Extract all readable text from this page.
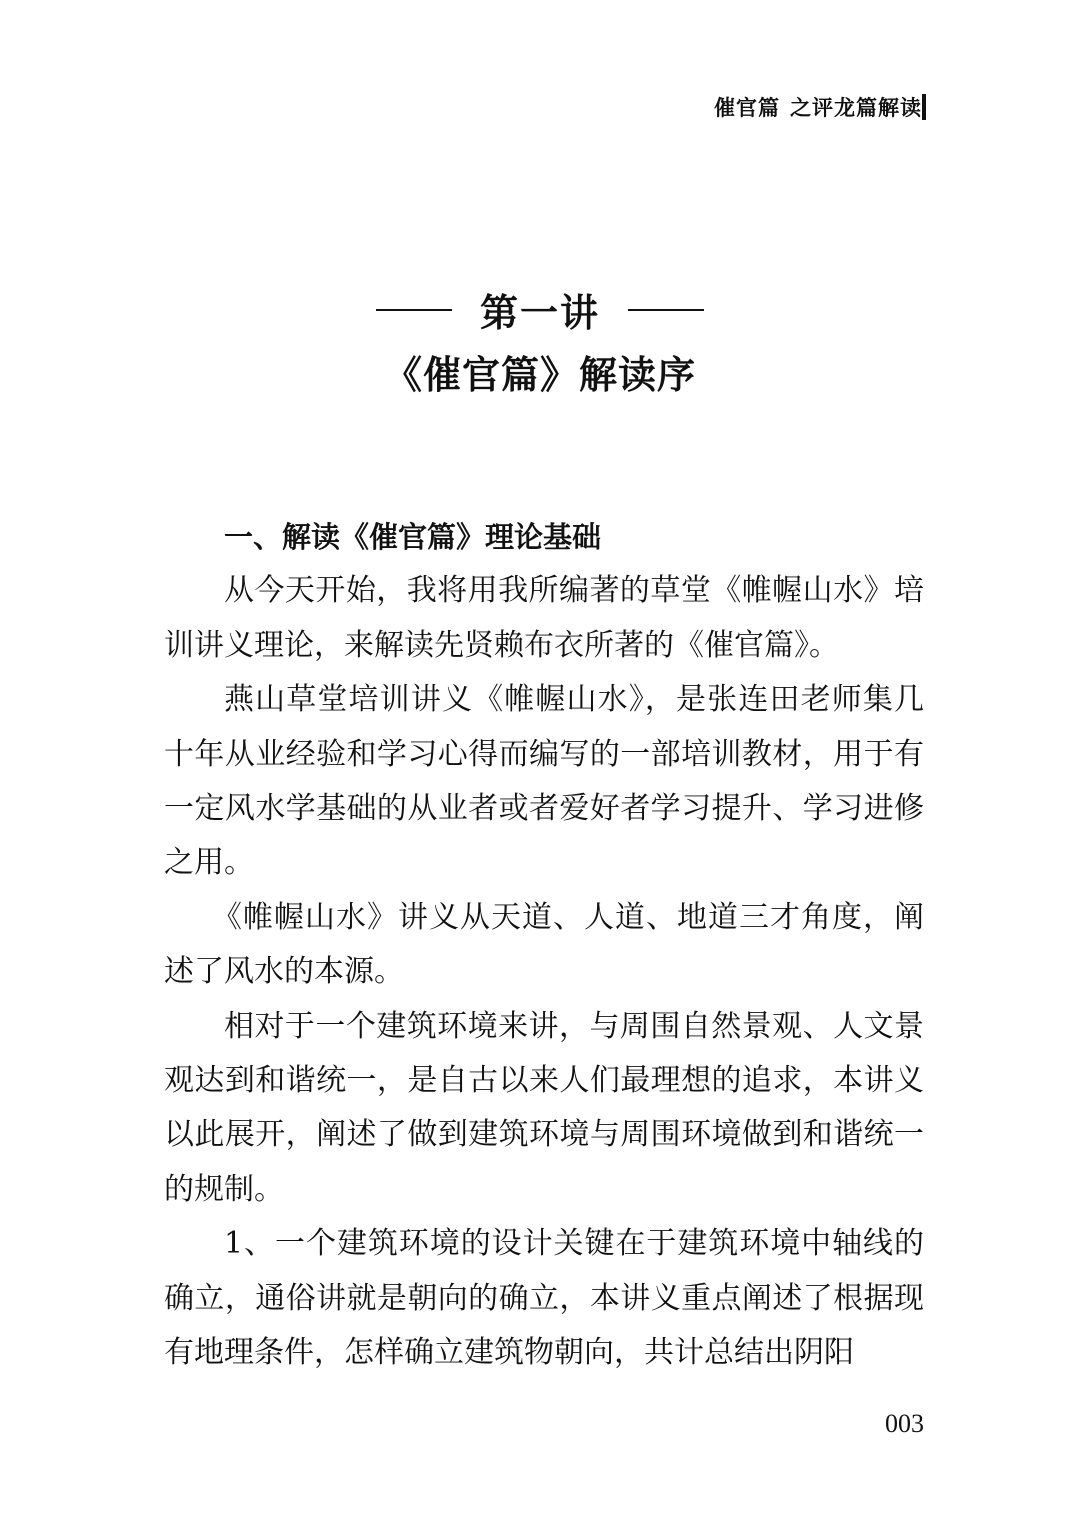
催官篇 之评龙篇解读
第一讲
《催官篇》解读序
一、解读《催官篇》理论基础

从今天开始，我将用我所编著的草堂《帷幄山水》培训讲义理论，来解读先贤赖布衣所著的《催官篇》。

燕山草堂培训讲义《帷幄山水》，是张连田老师集几十年从业经验和学习心得而编写的一部培训教材，用于有一定风水学基础的从业者或者爱好者学习提升、学习进修之用。

《帷幄山水》讲义从天道、人道、地道三才角度，阐述了风水的本源。

相对于一个建筑环境来讲，与周围自然景观、人文景观达到和谐统一，是自古以来人们最理想的追求，本讲义以此展开，阐述了做到建筑环境与周围环境做到和谐统一的规制。

1、一个建筑环境的设计关键在于建筑环境中轴线的确立，通俗讲就是朝向的确立，本讲义重点阐述了根据现有地理条件，怎样确立建筑物朝向，共计总结出阴阳

003
